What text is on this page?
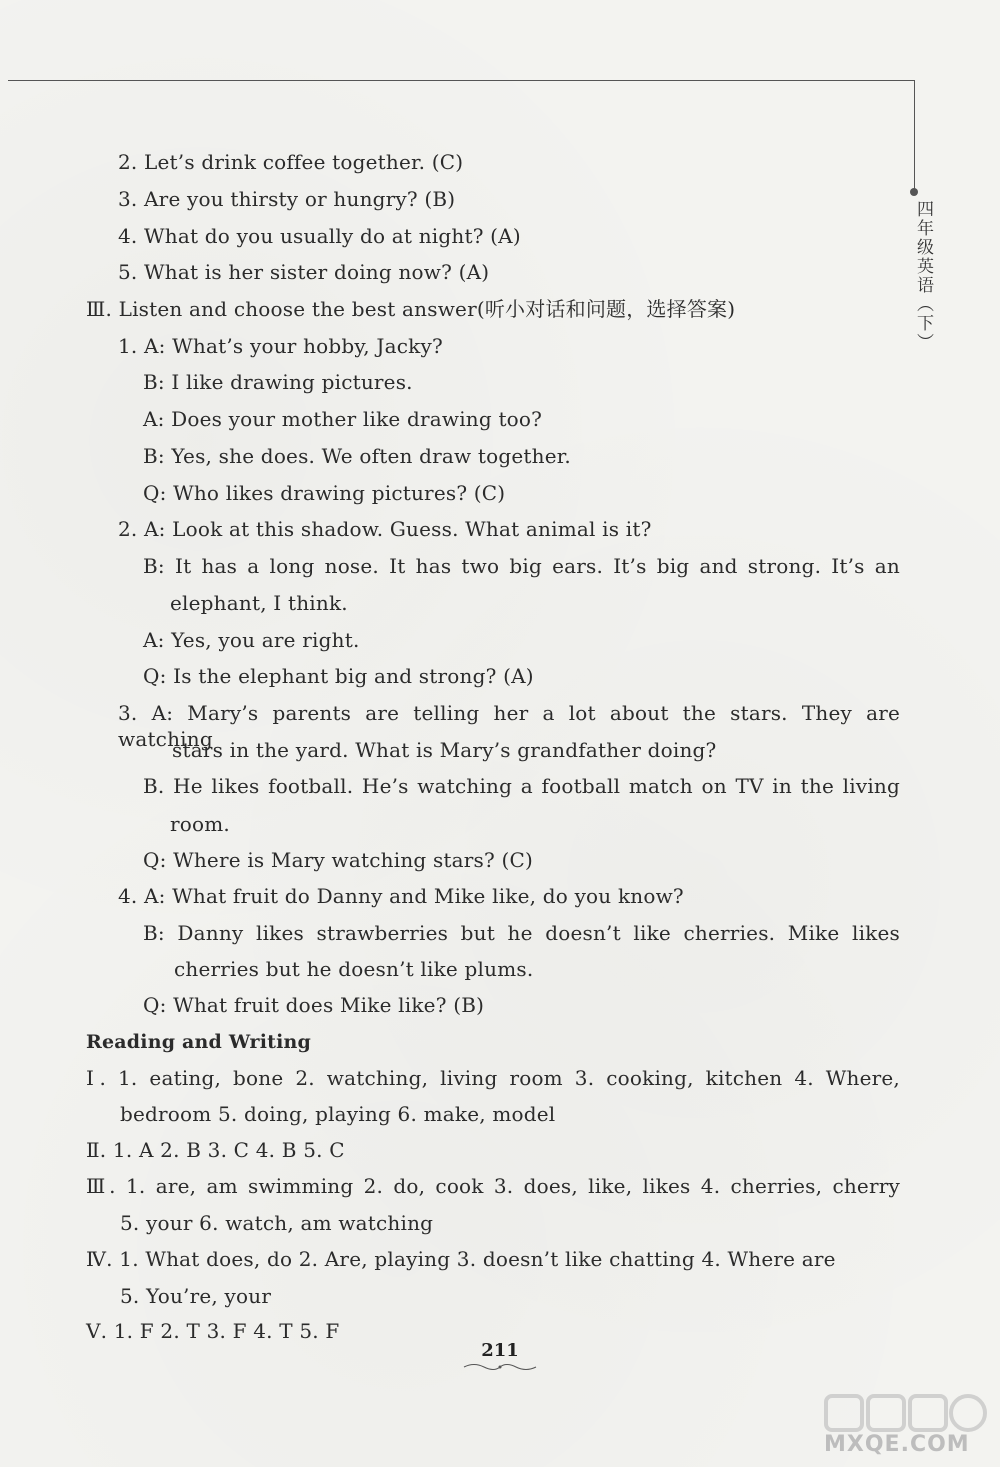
四年级英语（下）
2. Let’s drink coffee together. (C)
3. Are you thirsty or hungry? (B)
4. What do you usually do at night? (A)
5. What is her sister doing now? (A)
Ⅲ. Listen and choose the best answer(听小对话和问题，选择答案)
1. A: What’s your hobby, Jacky?
B: I like drawing pictures.
A: Does your mother like drawing too?
B: Yes, she does. We often draw together.
Q: Who likes drawing pictures? (C)
2. A: Look at this shadow. Guess. What animal is it?
B: It has a long nose. It has two big ears. It’s big and strong. It’s an
elephant, I think.
A: Yes, you are right.
Q: Is the elephant big and strong? (A)
3. A: Mary’s parents are telling her a lot about the stars. They are watching
stars in the yard. What is Mary’s grandfather doing?
B. He likes football. He’s watching a football match on TV in the living
room.
Q: Where is Mary watching stars? (C)
4. A: What fruit do Danny and Mike like, do you know?
B: Danny likes strawberries but he doesn’t like cherries. Mike likes
cherries but he doesn’t like plums.
Q: What fruit does Mike like? (B)
Reading and Writing
Ⅰ. 1. eating, bone 2. watching, living room 3. cooking, kitchen 4. Where,
bedroom 5. doing, playing 6. make, model
Ⅱ. 1. A 2. B 3. C 4. B 5. C
Ⅲ. 1. are, am swimming 2. do, cook 3. does, like, likes 4. cherries, cherry
5. your 6. watch, am watching
Ⅳ. 1. What does, do 2. Are, playing 3. doesn’t like chatting 4. Where are
5. You’re, your
Ⅴ. 1. F 2. T 3. F 4. T 5. F
211
MXQE.COM
